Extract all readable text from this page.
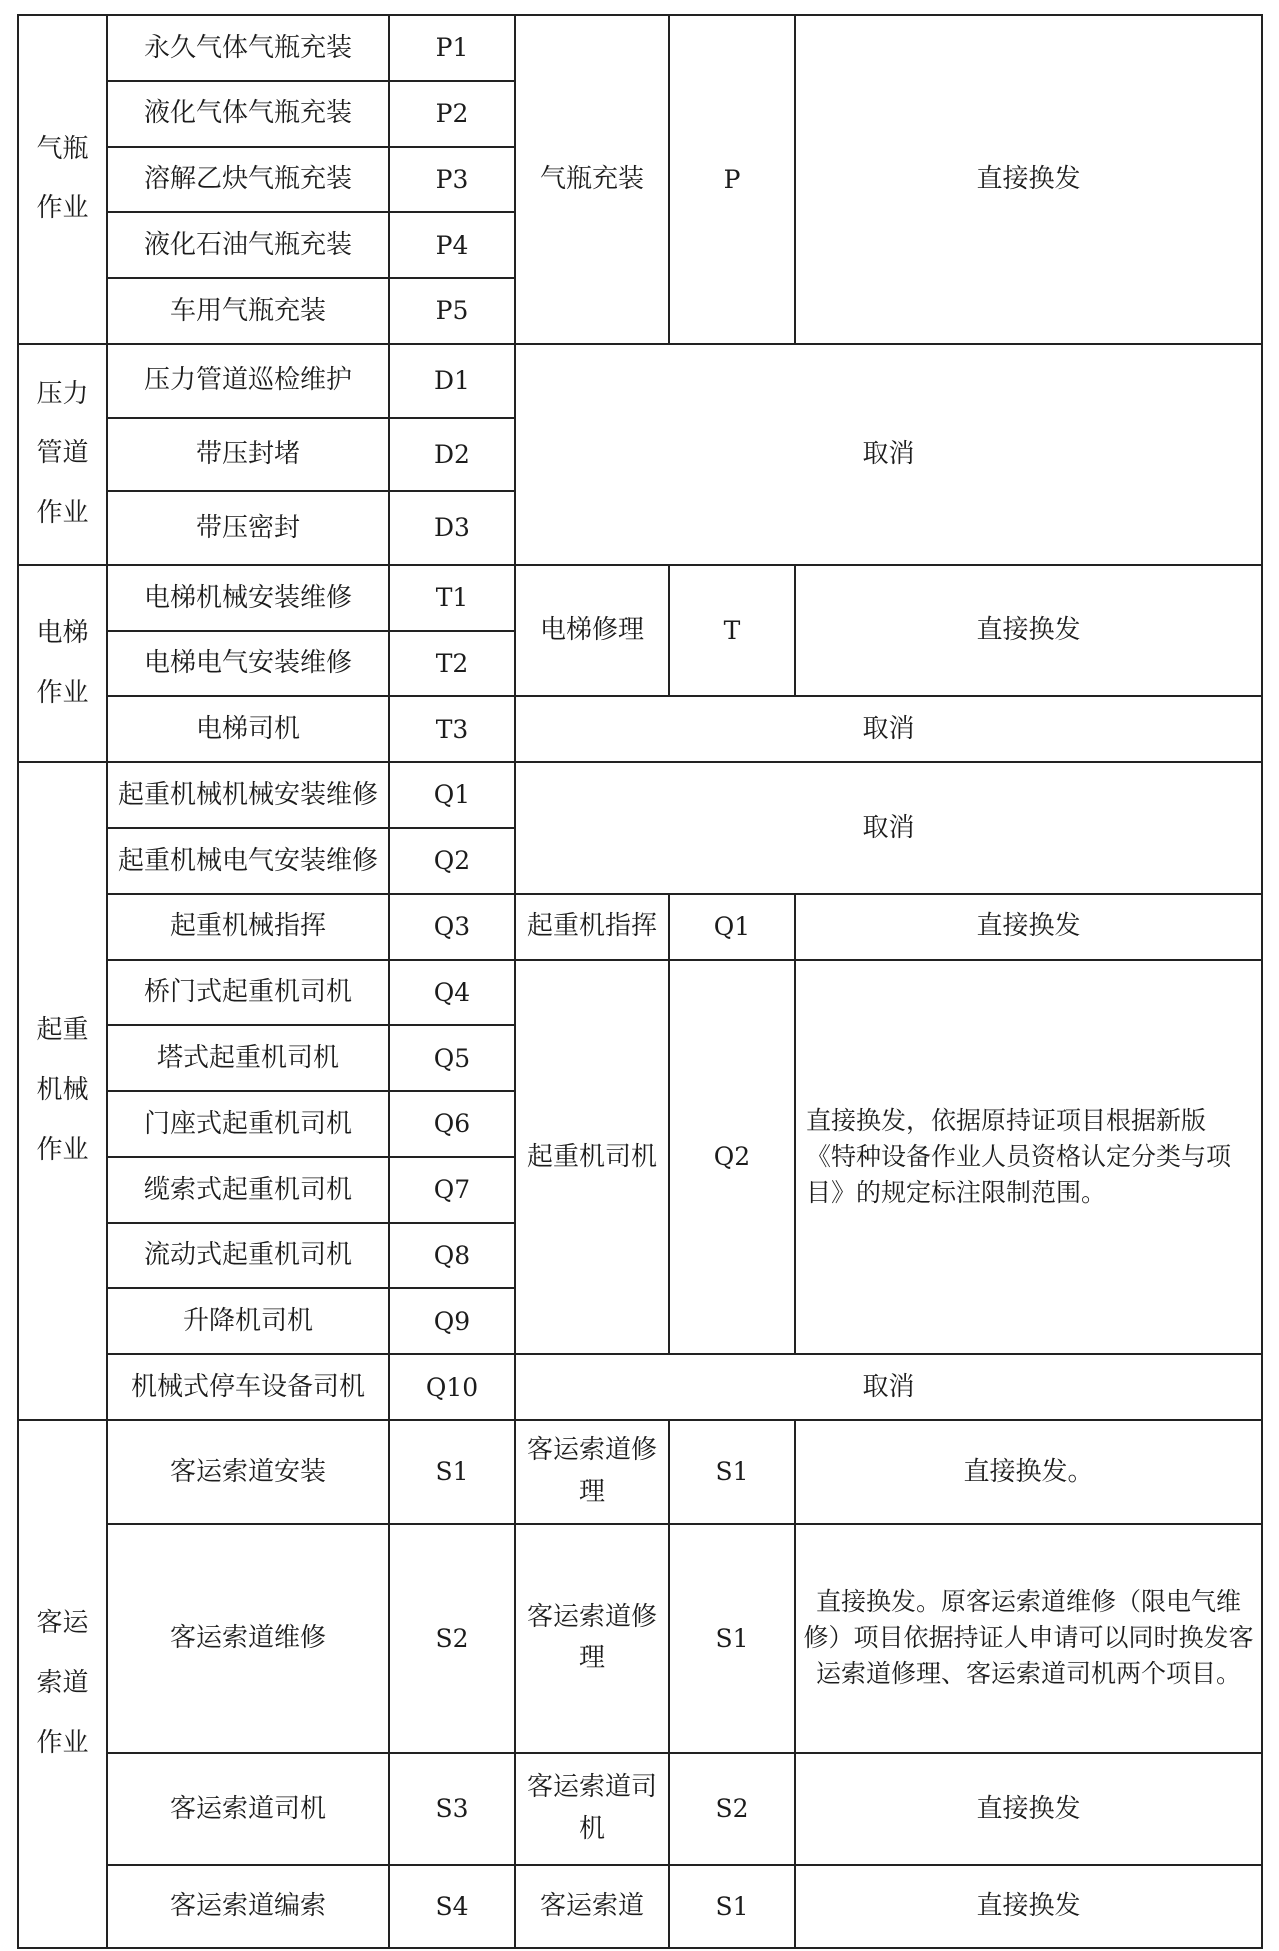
气瓶作业	永久气体气瓶充装	P1	气瓶充装	P	直接换发
	液化气体气瓶充装	P2			
	溶解乙炔气瓶充装	P3			
	液化石油气瓶充装	P4			
	车用气瓶充装	P5			
压力管道作业	压力管道巡检维护	D1	取消		
	带压封堵	D2			
	带压密封	D3			
电梯作业	电梯机械安装维修	T1	电梯修理	T	直接换发
	电梯电气安装维修	T2			
	电梯司机	T3	取消		
起重机械作业	起重机械机械安装维修	Q1	取消		
	起重机械电气安装维修	Q2			
	起重机械指挥	Q3	起重机指挥	Q1	直接换发
	桥门式起重机司机	Q4	起重机司机	Q2	直接换发，依据原持证项目根据新版《特种设备作业人员资格认定分类与项目》的规定标注限制范围。
	塔式起重机司机	Q5			
	门座式起重机司机	Q6			
	缆索式起重机司机	Q7			
	流动式起重机司机	Q8			
	升降机司机	Q9			
	机械式停车设备司机	Q10	取消		
客运索道作业	客运索道安装	S1	客运索道修理	S1	直接换发。
	客运索道维修	S2	客运索道修理	S1	直接换发。原客运索道维修（限电气维修）项目依据持证人申请可以同时换发客运索道修理、客运索道司机两个项目。
	客运索道司机	S3	客运索道司机	S2	直接换发
	客运索道编索	S4	客运索道	S1	直接换发
